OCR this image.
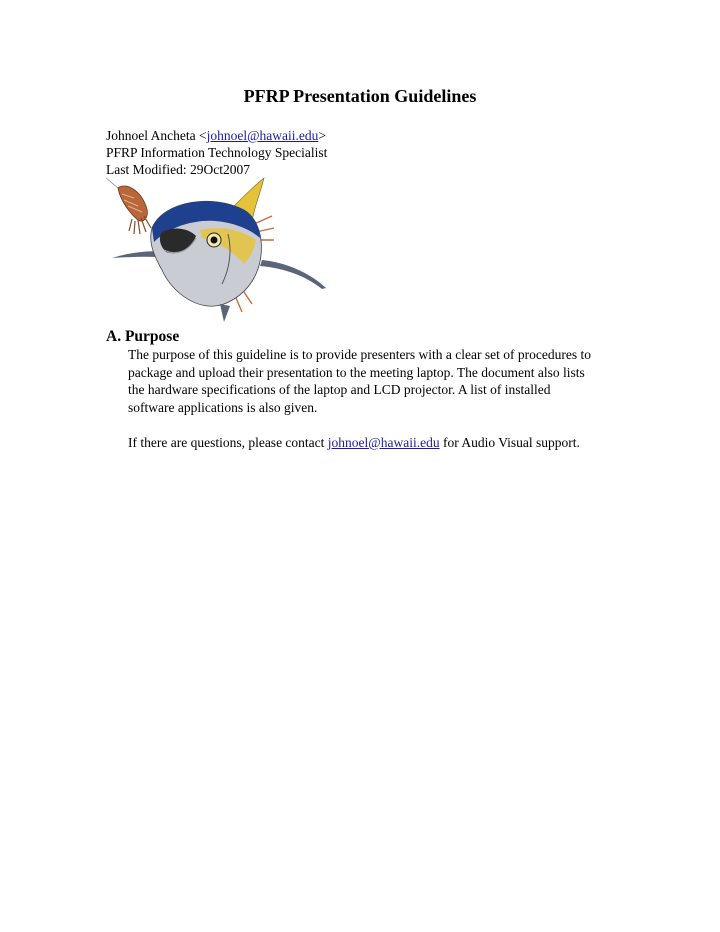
PFRP Presentation Guidelines
Johnoel Ancheta <johnoel@hawaii.edu>
PFRP Information Technology Specialist
Last Modified: 29Oct2007
A. Purpose

The purpose of this guideline is to provide presenters with a clear set of procedures to

package and upload their presentation to the meeting laptop. The document also lists

the hardware specifications of the laptop and LCD projector. A list of installed

software applications is also given.

If there are questions, please contact johnoel@hawaii.edu for Audio Visual support.
